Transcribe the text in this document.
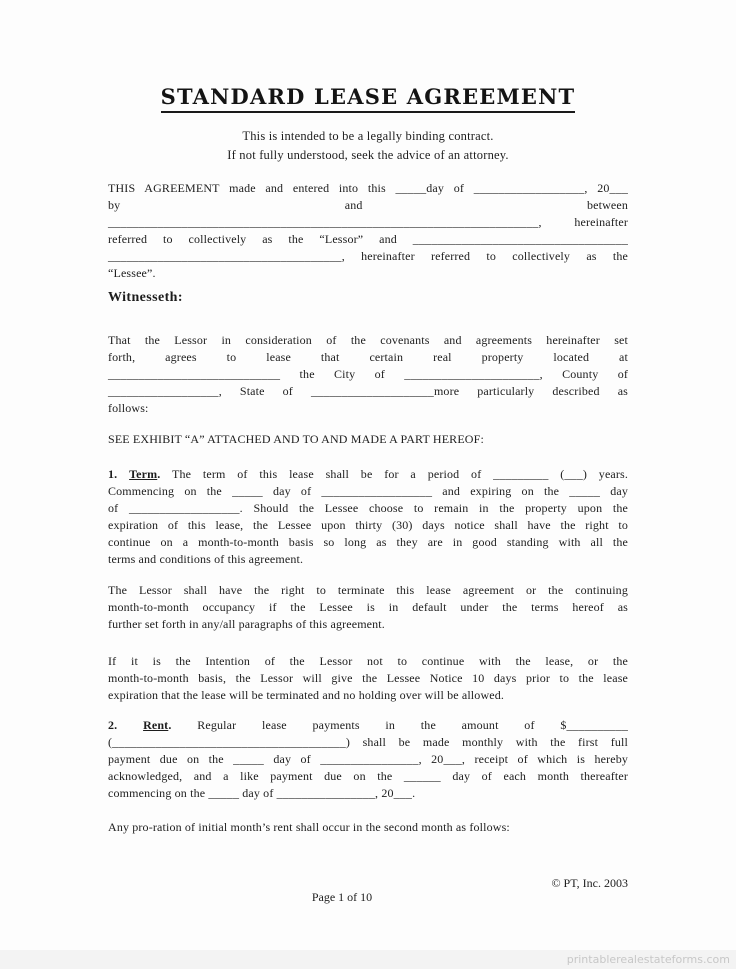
STANDARD LEASE AGREEMENT
This is intended to be a legally binding contract.
If not fully understood, seek the advice of an attorney.
THIS AGREEMENT made and entered into this _____day of __________________, 20___
by and between
______________________________________________________________________, hereinafter
referred to collectively as the “Lessor” and ___________________________________
______________________________________, hereinafter referred to collectively as the
“Lessee”.
Witnesseth:
That the Lessor in consideration of the covenants and agreements hereinafter set
forth, agrees to lease that certain real property located at
____________________________ the City of ______________________, County of
__________________, State of ____________________more particularly described as
follows:
SEE EXHIBIT “A” ATTACHED AND TO AND MADE A PART HEREOF:
1. Term. The term of this lease shall be for a period of _________ (___) years.
Commencing on the _____ day of __________________ and expiring on the _____ day
of __________________. Should the Lessee choose to remain in the property upon the
expiration of this lease, the Lessee upon thirty (30) days notice shall have the right to
continue on a month-to-month basis so long as they are in good standing with all the
terms and conditions of this agreement.
The Lessor shall have the right to terminate this lease agreement or the continuing
month-to-month occupancy if the Lessee is in default under the terms hereof as
further set forth in any/all paragraphs of this agreement.
If it is the Intention of the Lessor not to continue with the lease, or the
month-to-month basis, the Lessor will give the Lessee Notice 10 days prior to the lease
expiration that the lease will be terminated and no holding over will be allowed.
2. Rent. Regular lease payments in the amount of $__________
(______________________________________) shall be made monthly with the first full
payment due on the _____ day of ________________, 20___, receipt of which is hereby
acknowledged, and a like payment due on the ______ day of each month thereafter
commencing on the _____ day of ________________, 20___.
Any pro-ration of initial month’s rent shall occur in the second month as follows:
© PT, Inc. 2003
Page 1 of 10
printablerealestateforms.com
